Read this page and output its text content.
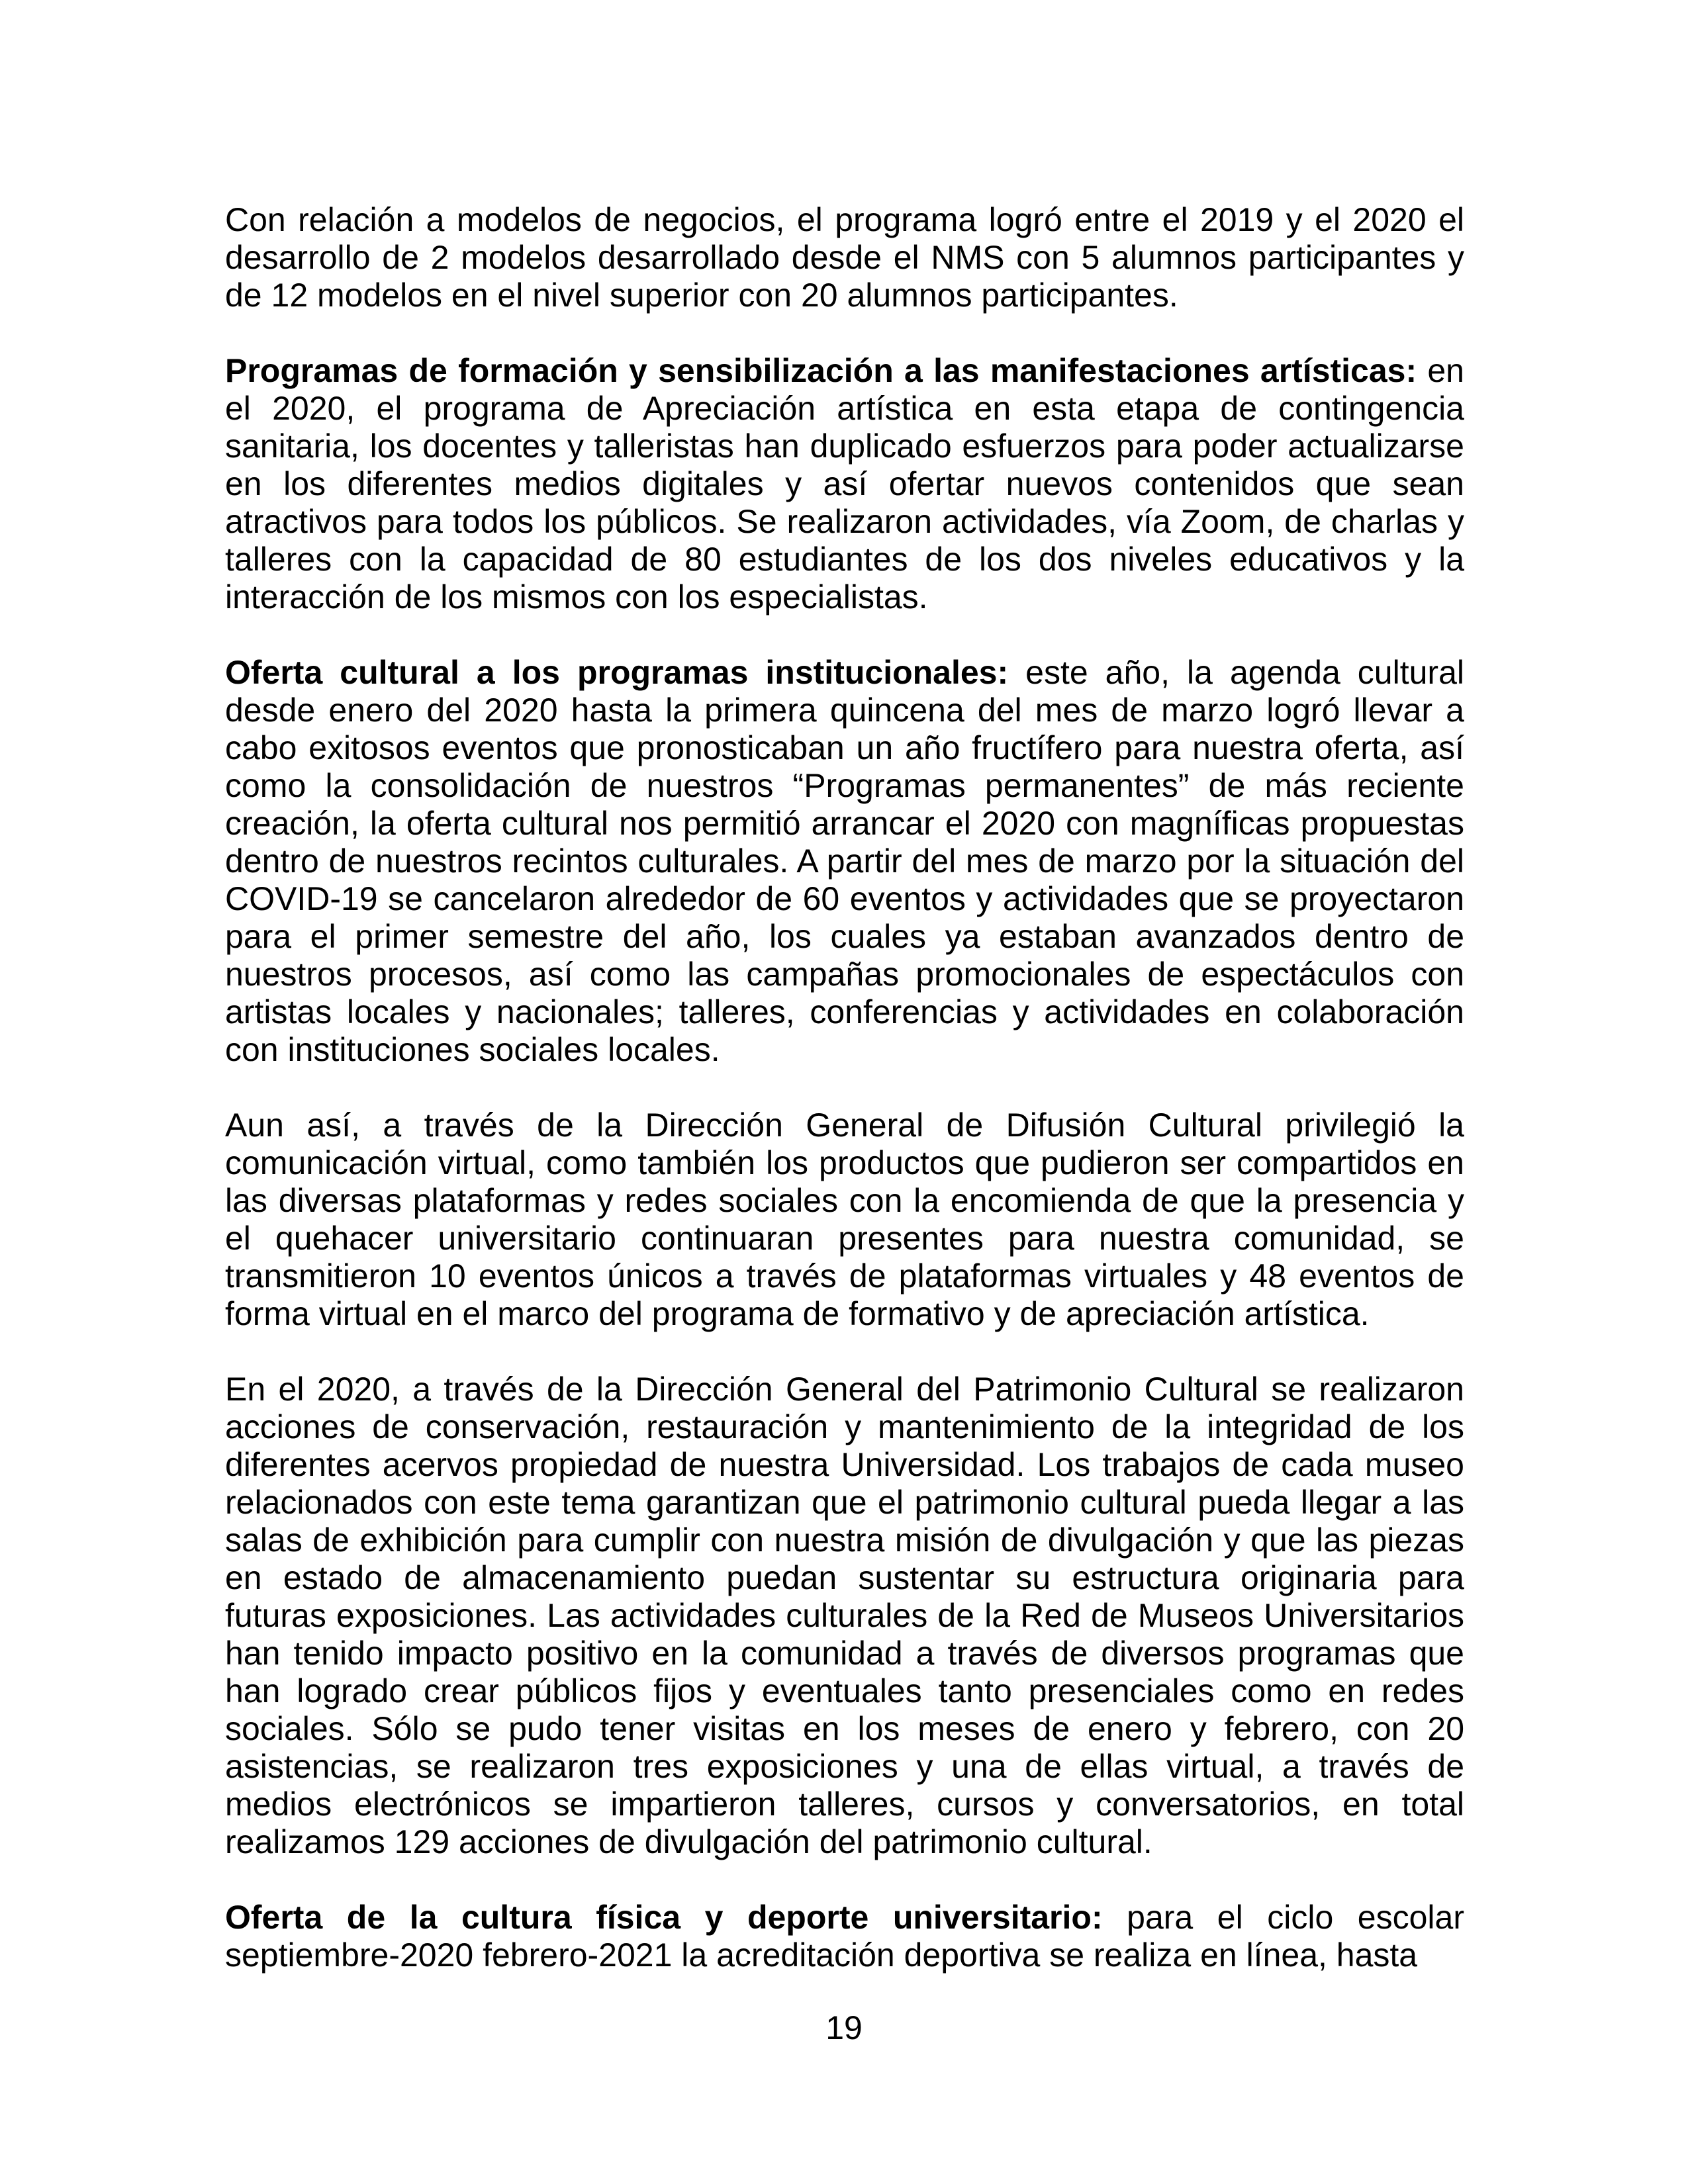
Con relación a modelos de negocios, el programa logró entre el 2019 y el 2020 el desarrollo de 2 modelos desarrollado desde el NMS con 5 alumnos participantes y de 12 modelos en el nivel superior con 20 alumnos participantes.

Programas de formación y sensibilización a las manifestaciones artísticas: en el 2020, el programa de Apreciación artística en esta etapa de contingencia sanitaria, los docentes y talleristas han duplicado esfuerzos para poder actualizarse en los diferentes medios digitales y así ofertar nuevos contenidos que sean atractivos para todos los públicos. Se realizaron actividades, vía Zoom, de charlas y talleres con la capacidad de 80 estudiantes de los dos niveles educativos y la interacción de los mismos con los especialistas.

Oferta cultural a los programas institucionales: este año, la agenda cultural desde enero del 2020 hasta la primera quincena del mes de marzo logró llevar a cabo exitosos eventos que pronosticaban un año fructífero para nuestra oferta, así como la consolidación de nuestros “Programas permanentes” de más reciente creación, la oferta cultural nos permitió arrancar el 2020 con magníficas propuestas dentro de nuestros recintos culturales. A partir del mes de marzo por la situación del COVID-19 se cancelaron alrededor de 60 eventos y actividades que se proyectaron para el primer semestre del año, los cuales ya estaban avanzados dentro de nuestros procesos, así como las campañas promocionales de espectáculos con artistas locales y nacionales; talleres, conferencias y actividades en colaboración con instituciones sociales locales.

Aun así, a través de la Dirección General de Difusión Cultural privilegió la comunicación virtual, como también los productos que pudieron ser compartidos en las diversas plataformas y redes sociales con la encomienda de que la presencia y el quehacer universitario continuaran presentes para nuestra comunidad, se transmitieron 10 eventos únicos a través de plataformas virtuales y 48 eventos de forma virtual en el marco del programa de formativo y de apreciación artística.

En el 2020, a través de la Dirección General del Patrimonio Cultural se realizaron acciones de conservación, restauración y mantenimiento de la integridad de los diferentes acervos propiedad de nuestra Universidad. Los trabajos de cada museo relacionados con este tema garantizan que el patrimonio cultural pueda llegar a las salas de exhibición para cumplir con nuestra misión de divulgación y que las piezas en estado de almacenamiento puedan sustentar su estructura originaria para futuras exposiciones. Las actividades culturales de la Red de Museos Universitarios han tenido impacto positivo en la comunidad a través de diversos programas que han logrado crear públicos fijos y eventuales tanto presenciales como en redes sociales. Sólo se pudo tener visitas en los meses de enero y febrero, con 20 asistencias, se realizaron tres exposiciones y una de ellas virtual, a través de medios electrónicos se impartieron talleres, cursos y conversatorios, en total realizamos 129 acciones de divulgación del patrimonio cultural.

Oferta de la cultura física y deporte universitario: para el ciclo escolar septiembre-2020 febrero-2021 la acreditación deportiva se realiza en línea, hasta

19
